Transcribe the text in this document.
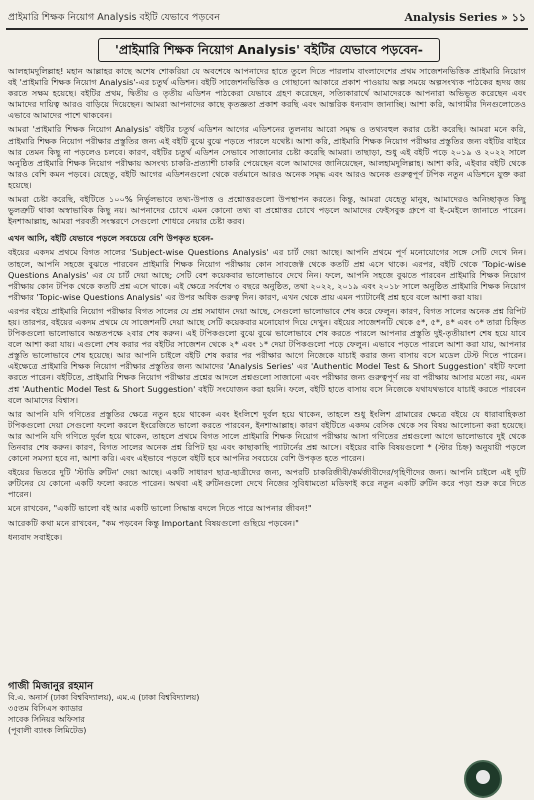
প্রাইমারি শিক্ষক নিয়োগ Analysis বইটি যেভাবে পড়বেন	Analysis Series » ১১
'প্রাইমারি শিক্ষক নিয়োগ Analysis' বইটির যেভাবে পড়বেন-

আলহামদুলিল্লাহ! মহান আল্লাহর কাছে অশেষ শোকরিয়া যে অবশেষে আপনাদের হাতে তুলে দিতে পারলাম বাংলাদেশের প্রথম সাজেশনভিত্তিক প্রাইমারি নিয়োগ বই 'প্রাইমারি শিক্ষক নিয়োগ Analysis'-এর চতুর্থ এডিশন। বইটি সাজেশনভিত্তিক ও গোছানো আকারে প্রকাশ পাওয়ায় অল্প সময়ে অল্পসংখ্যক পাঠকের হৃদয় জয় করতে সক্ষম হয়েছে। বইটির প্রথম, দ্বিতীয় ও তৃতীয় এডিশন পাঠকেরা যেভাবে গ্রহণ করেছেন, সত্যিকারার্থে আমাদেরকে আপনারা অভিভূত করেছেন এবং আমাদের দায়িত্ব আরও বাড়িয়ে দিয়েছেন। আমরা আপনাদের কাছে কৃতজ্ঞতা প্রকাশ করছি এবং আন্তরিক ধন্যবাদ জানাচ্ছি। আশা করি, আগামীর দিনগুলোতেও এভাবে আমাদের পাশে থাকবেন।

আমরা 'প্রাইমারি শিক্ষক নিয়োগ Analysis' বইটির চতুর্থ এডিশন আগের এডিশনের তুলনায় আরো সমৃদ্ধ ও তথ্যবহুল করার চেষ্টা করেছি। আমরা মনে করি, প্রাইমারি শিক্ষক নিয়োগ পরীক্ষার প্রস্তুতির জন্য এই বইটি বুঝে বুঝে পড়তে পারলে যথেষ্ট। আশা করি, প্রাইমারি শিক্ষক নিয়োগ পরীক্ষার প্রস্তুতির জন্য বইটির বাইরে আর তেমন কিছু না পড়লেও চলবে। কারণ, বইটির চতুর্থ এডিশন সেভাবে সাজানোর চেষ্টা করেছি আমরা। তাছাড়া, শুধু এই বইটি পড়ে ২০১৯ ও ২০২২ সালে অনুষ্ঠিত প্রাইমারি শিক্ষক নিয়োগ পরীক্ষায় অসংখ্য চাকরি-প্রত্যাশী চাকরি পেয়েছেন বলে আমাদের জানিয়েছেন, আলহামদুলিল্লাহ। আশা করি, এইবার বইটি থেকে আরও বেশি কমন পড়বে। যেহেতু, বইটি আগের এডিশনগুলো থেকে বর্তমানে আরও অনেক সমৃদ্ধ এবং আরও অনেক গুরুত্বপূর্ণ টপিক নতুন এডিশনে যুক্ত করা হয়েছে।

আমরা চেষ্টা করেছি, বইটিতে ১০০% নির্ভুলভাবে তথ্য-উপাত্ত ও প্রশ্নোত্তরগুলো উপস্থাপন করতে। কিন্তু, আমরা যেহেতু মানুষ, আমাদেরও অনিচ্ছাকৃত কিছু ভুলত্রুটি থাকা অস্বাভাবিক কিছু নয়। আপনাদের চোখে এমন কোনো তথ্য বা প্রশ্নোত্তর চোখে পড়লে আমাদের ফেইসবুক গ্রুপে বা ই-মেইলে জানাতে পারেন। ইনশাআল্লাহ, আমরা পরবর্তী সংস্করণে সেগুলো শোধরে নেয়ার চেষ্টা করব।

এখন আসি, বইটি যেভাবে পড়লে সবচেয়ে বেশি উপকৃত হবেন-

বইয়ের একদম প্রথমে বিগত সালের 'Subject-wise Questions Analysis' এর চার্ট দেয়া আছে। আপনি প্রথমে পূর্ণ মনোযোগের সঙ্গে সেটি দেখে নিন। তাহলে, আপনি সহজে বুঝতে পারবেন প্রাইমারি শিক্ষক নিয়োগ পরীক্ষায় কোন সাবজেক্ট থেকে কতটি প্রশ্ন এসে থাকে। এরপর, বইটি থেকে 'Topic-wise Questions Analysis' এর যে চার্ট দেয়া আছে; সেটি বেশ কয়েকবার ভালোভাবে দেখে নিন। ফলে, আপনি সহজে বুঝতে পারবেন প্রাইমারি শিক্ষক নিয়োগ পরীক্ষায় কোন টপিক থেকে কতটি প্রশ্ন এসে থাকে। এই ক্ষেত্রে সর্বশেষ ৩ বছরে অনুষ্ঠিত, তথা ২০২২, ২০১৯ এবং ২০১৮ সালে অনুষ্ঠিত প্রাইমারি শিক্ষক নিয়োগ পরীক্ষার 'Topic-wise Questions Analysis' এর উপর অধিক গুরুত্ব দিন। কারণ, এখন থেকে প্রায় এমন প্যাটার্নেই প্রশ্ন হবে বলে আশা করা যায়।

এরপর বইয়ে প্রাইমারি নিয়োগ পরীক্ষার বিগত সালের যে প্রশ্ন সমাধান দেয়া আছে, সেগুলো ভালোভাবে শেষ করে ফেলুন। কারণ, বিগত সালের অনেক প্রশ্ন রিপিট হয়। তারপর, বইয়ের একদম প্রথমে যে সাজেশনটি দেয়া আছে সেটি কয়েকবার মনোযোগ দিয়ে দেখুন। বইয়ের সাজেশনটি থেকে ৫*, ৫*, ৪* এবং ৩* তারা চিহ্নিত টপিকগুলো ভালোভাবে অন্ততপক্ষে ২বার শেষ করুন। এই টপিকগুলো বুঝে বুঝে ভালোভাবে শেষ করতে পারলে আপনার প্রস্তুতি দুই-তৃতীয়াংশ শেষ হয়ে যাবে বলে আশা করা যায়। এগুলো শেষ করার পর বইটির সাজেশন থেকে ২* এবং ১* দেয়া টপিকগুলো পড়ে ফেলুন। এভাবে পড়তে পারলে আশা করা যায়, আপনার প্রস্তুতি ভালোভাবে শেষ হয়েছে। আর আপনি চাইলে বইটি শেষ করার পর পরীক্ষার আগে নিজেকে যাচাই করার জন্য বাসায় বসে মডেল টেস্ট দিতে পারেন। এইক্ষেত্রে প্রাইমারি শিক্ষক নিয়োগ পরীক্ষার প্রস্তুতির জন্য আমাদের 'Analysis Series' এর 'Authentic Model Test & Short Suggestion' বইটি ফলো করতে পারেন। বইটিতে, প্রাইমারি শিক্ষক নিয়োগ পরীক্ষার প্রশ্নের আদলে প্রশ্নগুলো সাজানো এবং পরীক্ষার জন্য গুরুত্বপূর্ণ নয় বা পরীক্ষায় আসার মতো নয়, এমন প্রশ্ন 'Authentic Model Test & Short Suggestion' বইটি সংযোজন করা হয়নি। ফলে, বইটি হাতে বাসায় বসে নিজেকে যথাযথভাবে যাচাই করতে পারবেন বলে আমাদের বিশ্বাস।

আর আপনি যদি গণিতের প্রস্তুতির ক্ষেত্রে নতুন হয়ে থাকেন এবং ইংলিশে দুর্বল হয়ে থাকেন, তাহলে শুধু ইংলিশ গ্রামারের ক্ষেত্রে বইয়ে যে ধারাবাহিকতা টপিকগুলো দেয়া সেগুলো ফলো করলে ইংরেজিতে ভালো করতে পারবেন, ইনশাআল্লাহ। কারণ বইটিতে একদম বেসিক থেকে সব বিষয় আলোচনা করা হয়েছে। আর আপনি যদি গণিতে দুর্বল হয়ে থাকেন, তাহলে প্রথমে বিগত সালে প্রাইমারি শিক্ষক নিয়োগ পরীক্ষায় আসা গণিতের প্রশ্নগুলো আগে ভালোভাবে দুই থেকে তিনবার শেষ করুন। কারণ, বিগত সালের অনেক প্রশ্ন রিপিট হয় এবং কাছাকাছি প্যাটার্নের প্রশ্ন আসে। বইয়ের বাকি বিষয়গুলো * (স্টার চিহ্ন) অনুযায়ী পড়লে কোনো সমস্যা হবে না, আশা করি। এবং এইভাবে পড়লে বইটি হবে আপনির সবচেয়ে বেশি উপকৃত হতে পারেন।

বইয়ের ভিতরে দুটি 'স্টাডি রুটিন' দেয়া আছে। একটি সাধারণ ছাত্র-ছাত্রীদের জন্য, অপরটি চাকরিজীবী/কর্মজীবীদের/গৃহিণীদের জন্য। আপনি চাইলে এই দুটি রুটিনের যে কোনো একটি ফলো করতে পারেন। অথবা এই রুটিনগুলো দেখে নিজের সুবিধামতো মডিফাই করে নতুন একটি রুটিন করে পড়া শুরু করে দিতে পারেন।

মনে রাখবেন, "একটি ভালো বই আর একটি ভালো সিদ্ধান্ত বদলে দিতে পারে আপনার জীবন!"

আরেকটি কথা মনে রাখবেন, "কম পড়বেন কিন্তু Important বিষয়গুলো গুছিয়ে পড়বেন।"

ধন্যবাদ সবাইকে।

গাজী মিজানুর রহমান
বি.এ. অনার্স (ঢাকা বিশ্ববিদ্যালয়), এম.এ (ঢাকা বিশ্ববিদ্যালয়)
৩৫তম বিসিএস ক্যাডার
সাবেক সিনিয়র অফিসার
(পূবালী ব্যাংক লিমিটেড)
